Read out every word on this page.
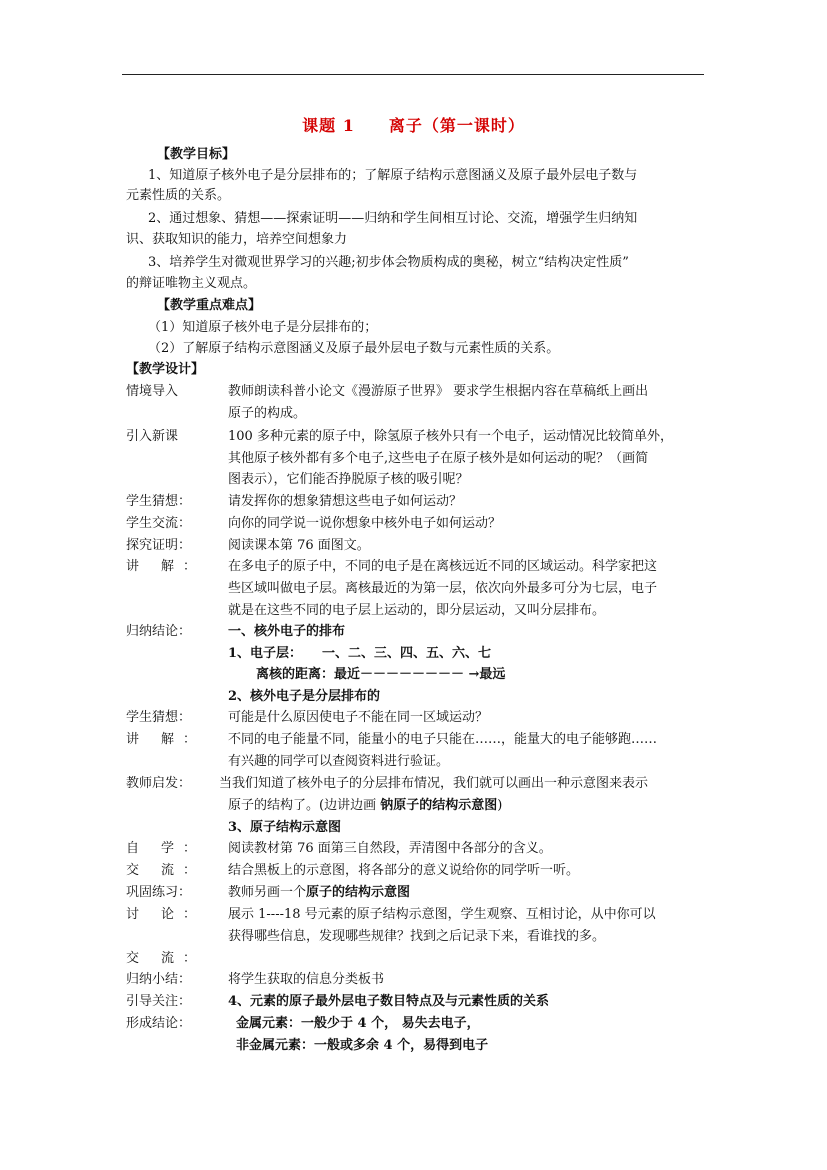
课题 1 离子（第一课时）
【教学目标】
1、知道原子核外电子是分层排布的；了解原子结构示意图涵义及原子最外层电子数与
元素性质的关系。
2、通过想象、猜想——探索证明——归纳和学生间相互讨论、交流，增强学生归纳知
识、获取知识的能力，培养空间想象力
3、培养学生对微观世界学习的兴趣;初步体会物质构成的奥秘，树立“结构决定性质”
的辩证唯物主义观点。
【教学重点难点】
（1）知道原子核外电子是分层排布的；
（2）了解原子结构示意图涵义及原子最外层电子数与元素性质的关系。
【教学设计】
情境导入	教师朗读科普小论文《漫游原子世界》 要求学生根据内容在草稿纸上画出
原子的构成。
引入新课	100 多种元素的原子中，除氢原子核外只有一个电子，运动情况比较简单外，
其他原子核外都有多个电子,这些电子在原子核外是如何运动的呢？（画简
图表示），它们能否挣脱原子核的吸引呢？
学生猜想：	请发挥你的想象猜想这些电子如何运动？
学生交流：	向你的同学说一说你想象中核外电子如何运动？
探究证明：	阅读课本第 76 面图文。
讲 解： 在多电子的原子中，不同的电子是在离核远近不同的区域运动。科学家把这
些区域叫做电子层。离核最近的为第一层，依次向外最多可分为七层，电子
就是在这些不同的电子层上运动的，即分层运动，又叫分层排布。
归纳结论：	一、核外电子的排布
1、电子层： 一、二、三、四、五、六、七
离核的距离：最近－－－－－－－－ →最远
2、核外电子是分层排布的
学生猜想：	可能是什么原因使电子不能在同一区域运动？
讲 解： 不同的电子能量不同，能量小的电子只能在……，能量大的电子能够跑……
有兴趣的同学可以查阅资料进行验证。
教师启发： 当我们知道了核外电子的分层排布情况，我们就可以画出一种示意图来表示
原子的结构了。(边讲边画 钠原子的结构示意图)
3、原子结构示意图
自 学： 阅读教材第 76 面第三自然段，弄清图中各部分的含义。
交 流： 结合黑板上的示意图，将各部分的意义说给你的同学听一听。
巩固练习：	教师另画一个原子的结构示意图
讨 论： 展示 1----18 号元素的原子结构示意图，学生观察、互相讨论，从中你可以
获得哪些信息，发现哪些规律？找到之后记录下来，看谁找的多。
交 流：
归纳小结：	将学生获取的信息分类板书
引导关注：	4、元素的原子最外层电子数目特点及与元素性质的关系
形成结论：	金属元素：一般少于 4 个， 易失去电子，
非金属元素：一般或多余 4 个，易得到电子
